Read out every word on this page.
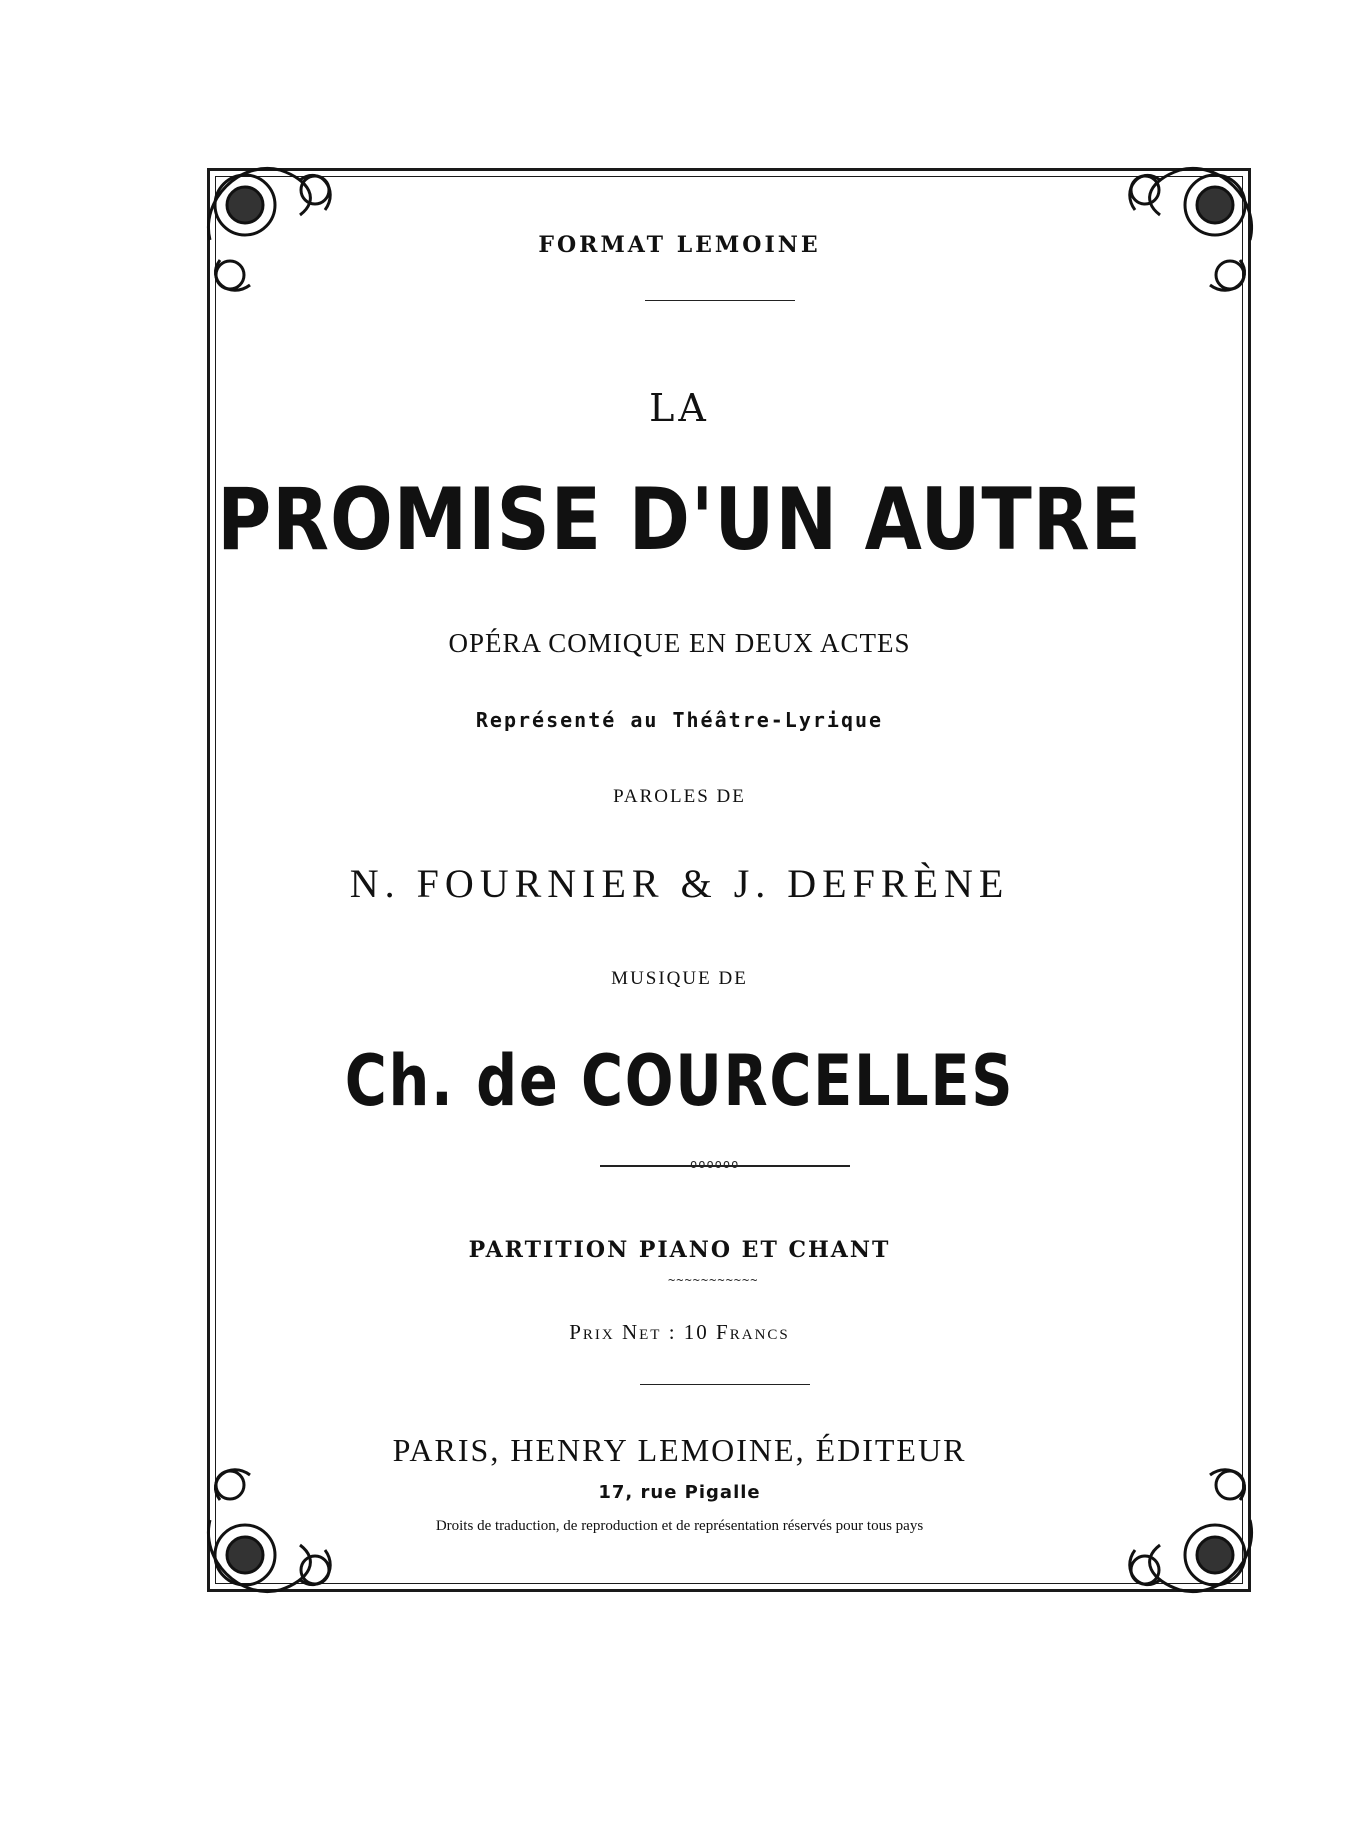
FORMAT LEMOINE
LA
PROMISE D'UN AUTRE
OPÉRA COMIQUE EN DEUX ACTES
Représenté au Théâtre-Lyrique
PAROLES DE
N. FOURNIER & J. DEFRÈNE
MUSIQUE DE
Ch. de COURCELLES
oooooo
PARTITION PIANO ET CHANT
~~~~~~~~~~~
Prix Net : 10 Francs
PARIS, HENRY LEMOINE, ÉDITEUR
17, rue Pigalle
Droits de traduction, de reproduction et de représentation réservés pour tous pays
